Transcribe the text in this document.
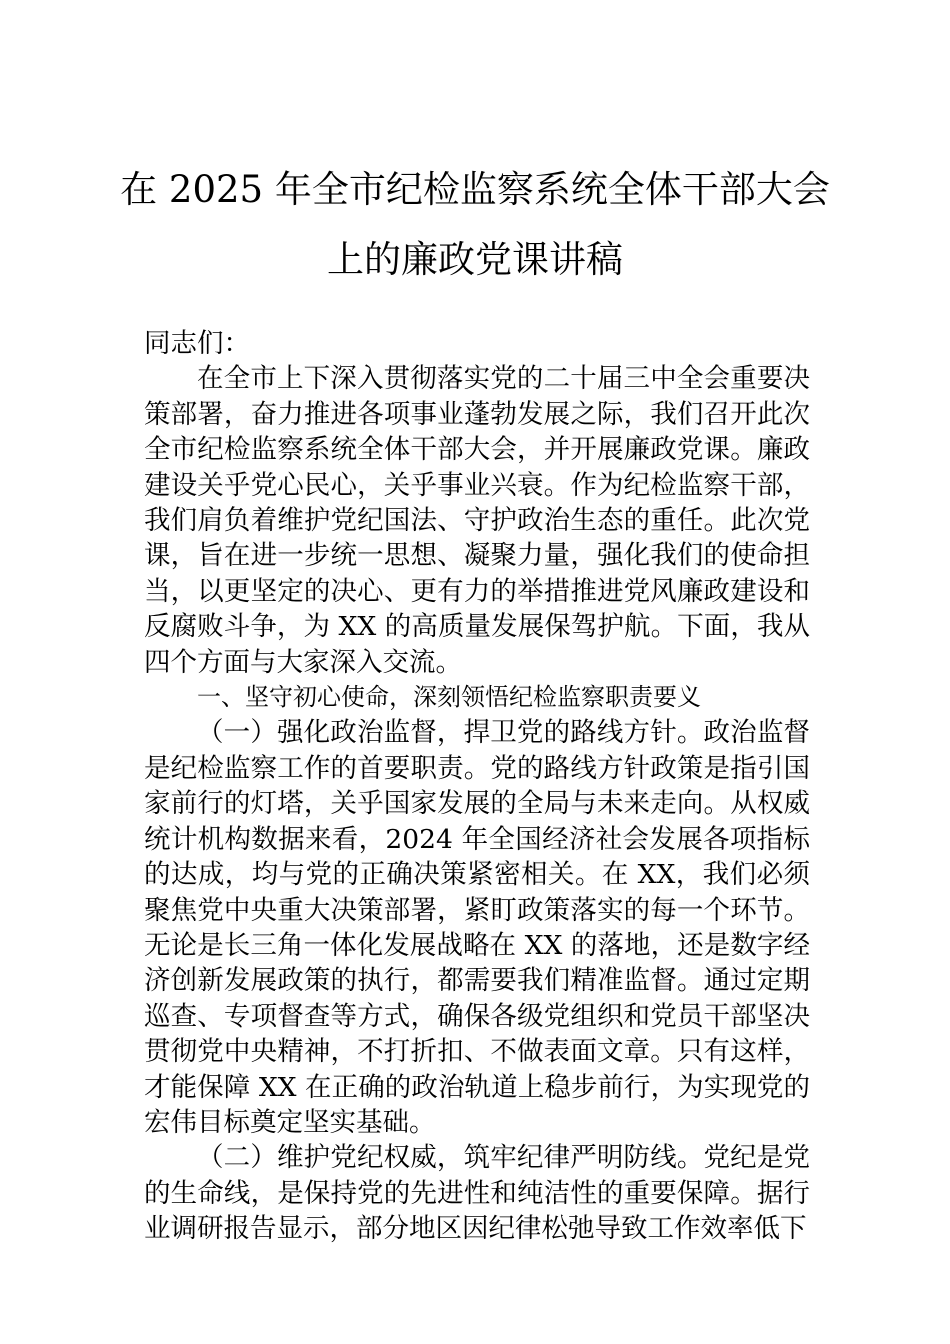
在 2025 年全市纪检监察系统全体干部大会
上的廉政党课讲稿

同志们：

在全市上下深入贯彻落实党的二十届三中全会重要决策部署，奋力推进各项事业蓬勃发展之际，我们召开此次全市纪检监察系统全体干部大会，并开展廉政党课。廉政建设关乎党心民心，关乎事业兴衰。作为纪检监察干部，我们肩负着维护党纪国法、守护政治生态的重任。此次党课，旨在进一步统一思想、凝聚力量，强化我们的使命担当，以更坚定的决心、更有力的举措推进党风廉政建设和反腐败斗争，为 XX 的高质量发展保驾护航。下面，我从四个方面与大家深入交流。

一、坚守初心使命，深刻领悟纪检监察职责要义

（一）强化政治监督，捍卫党的路线方针。政治监督是纪检监察工作的首要职责。党的路线方针政策是指引国家前行的灯塔，关乎国家发展的全局与未来走向。从权威统计机构数据来看，2024 年全国经济社会发展各项指标的达成，均与党的正确决策紧密相关。在 XX，我们必须聚焦党中央重大决策部署，紧盯政策落实的每一个环节。无论是长三角一体化发展战略在 XX 的落地，还是数字经济创新发展政策的执行，都需要我们精准监督。通过定期巡查、专项督查等方式，确保各级党组织和党员干部坚决贯彻党中央精神，不打折扣、不做表面文章。只有这样，才能保障 XX 在正确的政治轨道上稳步前行，为实现党的宏伟目标奠定坚实基础。

（二）维护党纪权威，筑牢纪律严明防线。党纪是党的生命线，是保持党的先进性和纯洁性的重要保障。据行业调研报告显示，部分地区因纪律松弛导致工作效率低下
